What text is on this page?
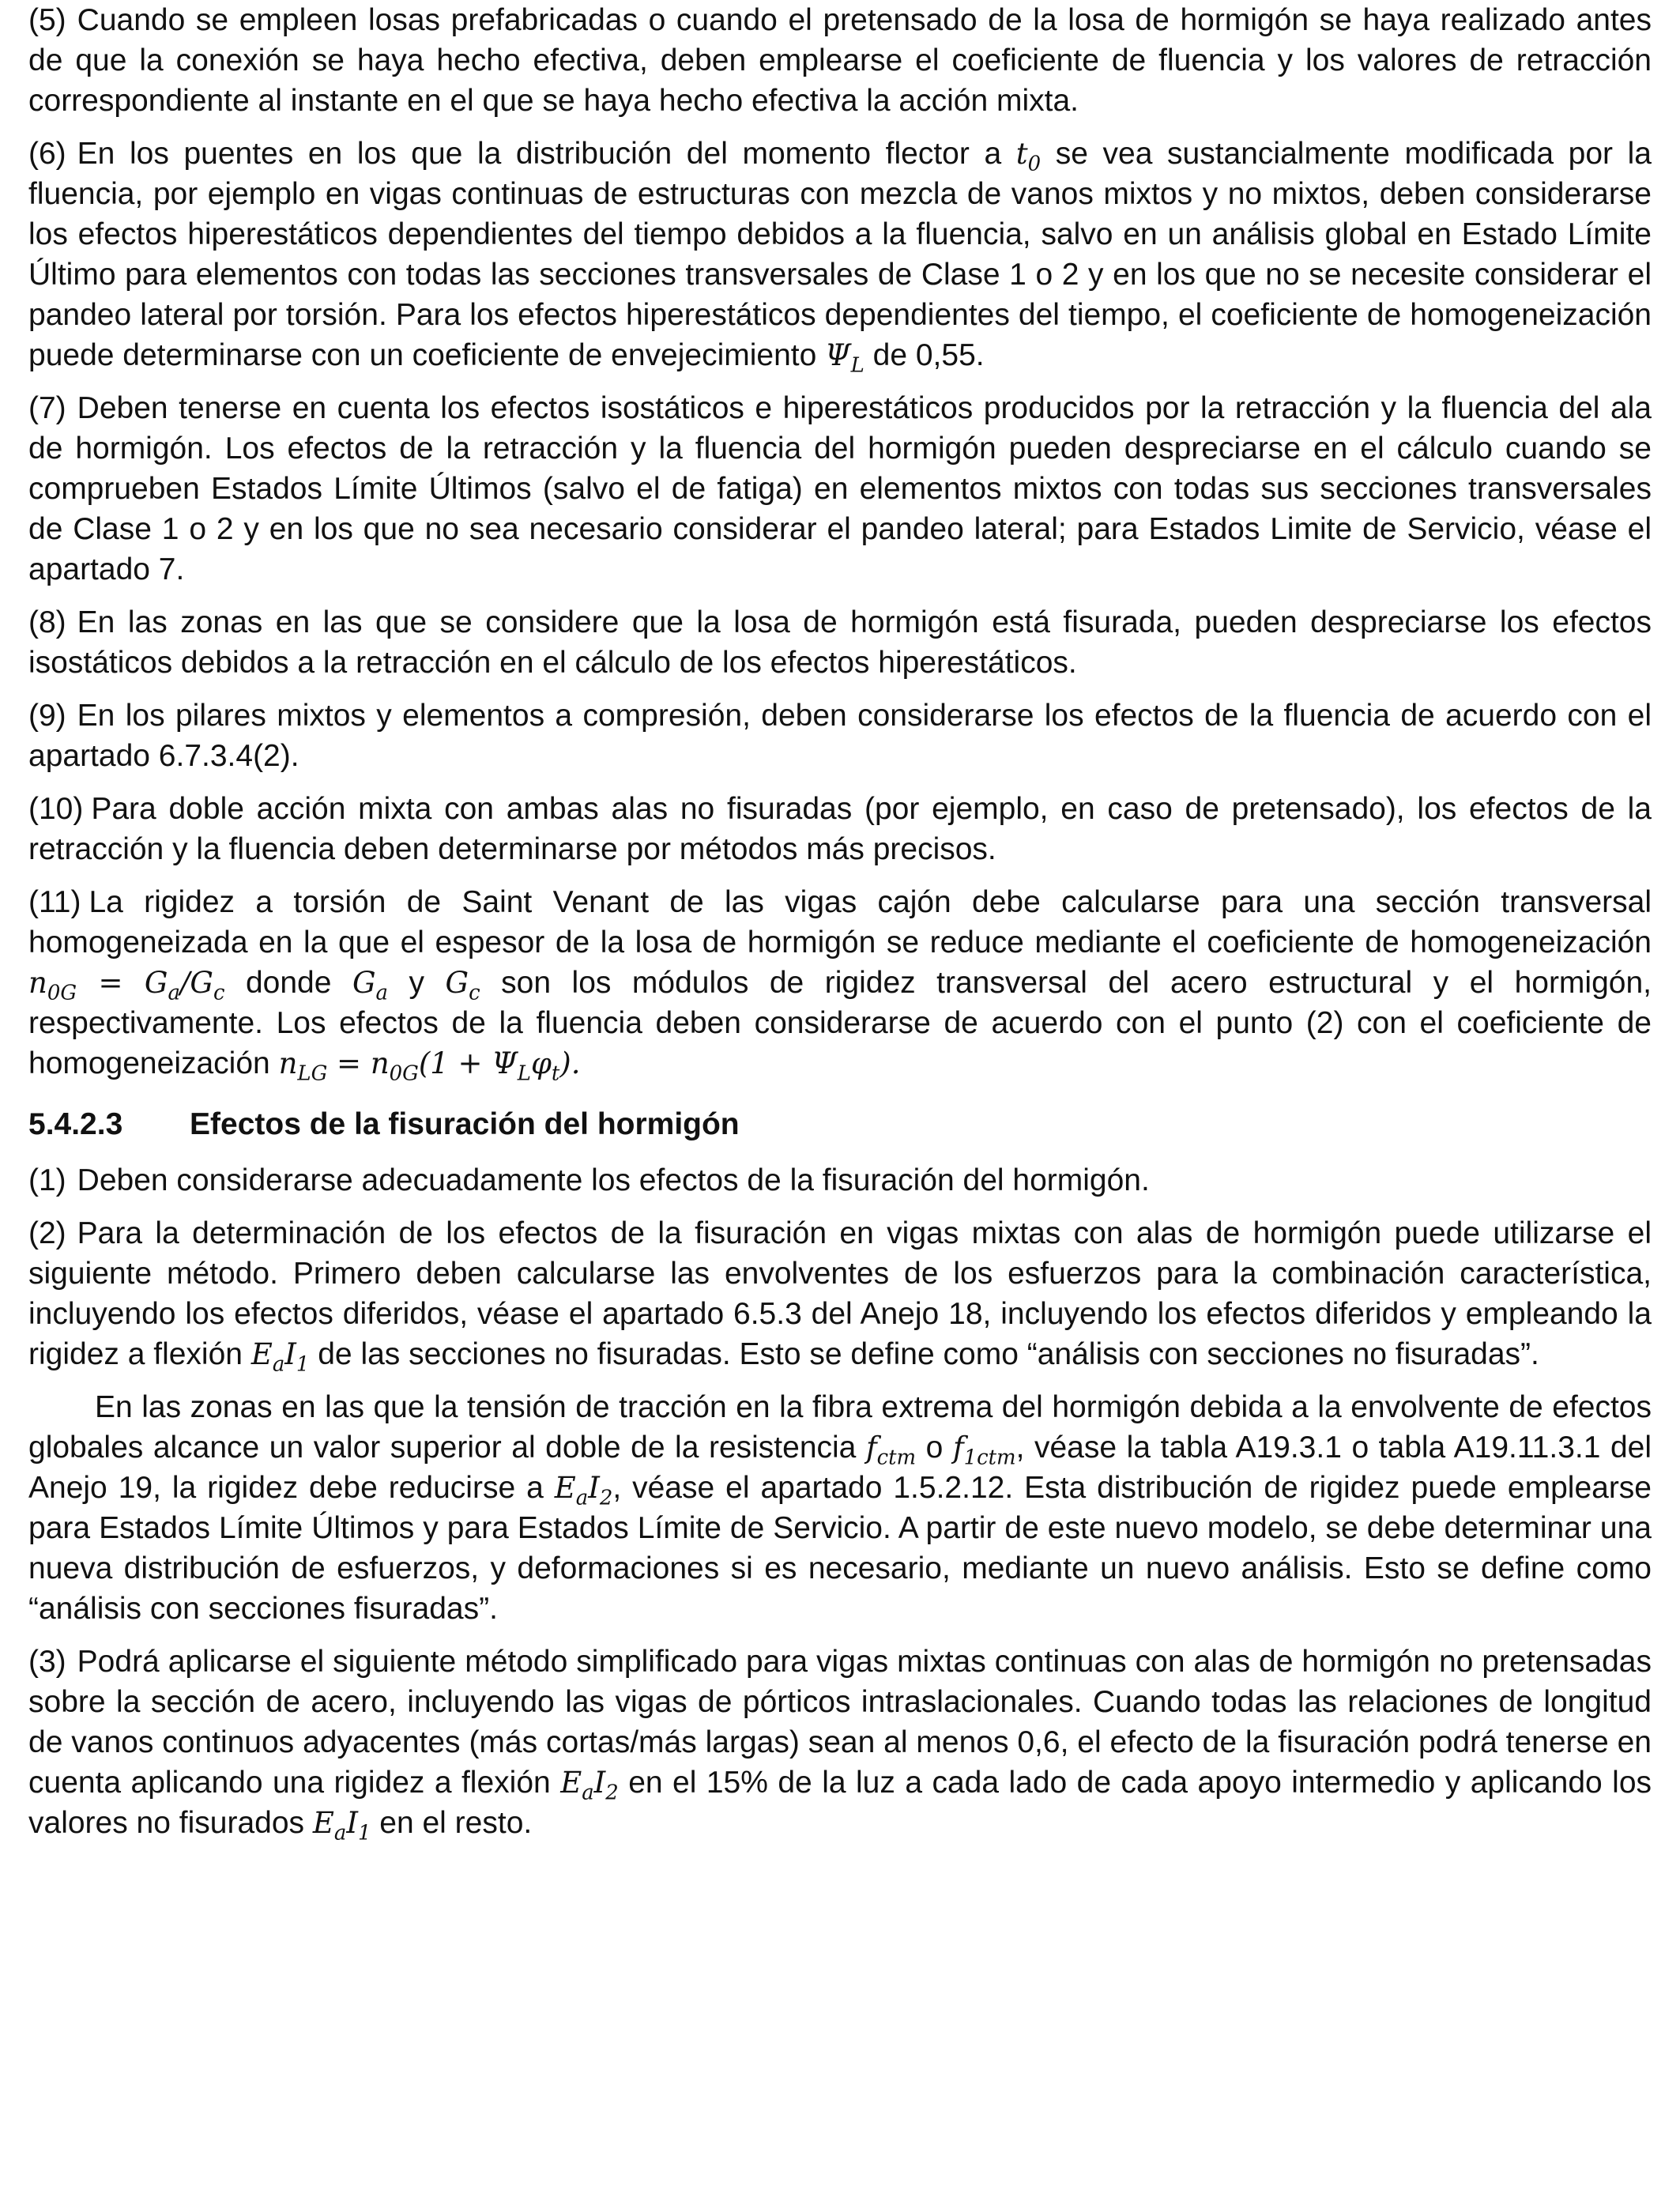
(5) Cuando se empleen losas prefabricadas o cuando el pretensado de la losa de hormigón se haya realizado antes de que la conexión se haya hecho efectiva, deben emplearse el coeficiente de fluencia y los valores de retracción correspondiente al instante en el que se haya hecho efectiva la acción mixta.

(6) En los puentes en los que la distribución del momento flector a $t_0$ se vea sustancialmente modificada por la fluencia, por ejemplo en vigas continuas de estructuras con mezcla de vanos mixtos y no mixtos, deben considerarse los efectos hiperestáticos dependientes del tiempo debidos a la fluencia, salvo en un análisis global en Estado Límite Último para elementos con todas las secciones transversales de Clase 1 o 2 y en los que no se necesite considerar el pandeo lateral por torsión. Para los efectos hiperestáticos dependientes del tiempo, el coeficiente de homogeneización puede determinarse con un coeficiente de envejecimiento $\Psi_L$ de 0,55.

(7) Deben tenerse en cuenta los efectos isostáticos e hiperestáticos producidos por la retracción y la fluencia del ala de hormigón. Los efectos de la retracción y la fluencia del hormigón pueden despreciarse en el cálculo cuando se comprueben Estados Límite Últimos (salvo el de fatiga) en elementos mixtos con todas sus secciones transversales de Clase 1 o 2 y en los que no sea necesario considerar el pandeo lateral; para Estados Limite de Servicio, véase el apartado 7.

(8) En las zonas en las que se considere que la losa de hormigón está fisurada, pueden despreciarse los efectos isostáticos debidos a la retracción en el cálculo de los efectos hiperestáticos.

(9) En los pilares mixtos y elementos a compresión, deben considerarse los efectos de la fluencia de acuerdo con el apartado 6.7.3.4(2).

(10) Para doble acción mixta con ambas alas no fisuradas (por ejemplo, en caso de pretensado), los efectos de la retracción y la fluencia deben determinarse por métodos más precisos.

(11) La rigidez a torsión de Saint Venant de las vigas cajón debe calcularse para una sección transversal homogeneizada en la que el espesor de la losa de hormigón se reduce mediante el coeficiente de homogeneización $n_{0G} = G_a/G_c$ donde $G_a$ y $G_c$ son los módulos de rigidez transversal del acero estructural y el hormigón, respectivamente. Los efectos de la fluencia deben considerarse de acuerdo con el punto (2) con el coeficiente de homogeneización $n_{LG} = n_{0G}(1 + \Psi_L\varphi_t)$.

5.4.2.3	Efectos de la fisuración del hormigón

(1) Deben considerarse adecuadamente los efectos de la fisuración del hormigón.

(2) Para la determinación de los efectos de la fisuración en vigas mixtas con alas de hormigón puede utilizarse el siguiente método. Primero deben calcularse las envolventes de los esfuerzos para la combinación característica, incluyendo los efectos diferidos, véase el apartado 6.5.3 del Anejo 18, incluyendo los efectos diferidos y empleando la rigidez a flexión $E_aI_1$ de las secciones no fisuradas. Esto se define como “análisis con secciones no fisuradas”.

En las zonas en las que la tensión de tracción en la fibra extrema del hormigón debida a la envolvente de efectos globales alcance un valor superior al doble de la resistencia $f_{ctm}$ o $f_{1ctm}$, véase la tabla A19.3.1 o tabla A19.11.3.1 del Anejo 19, la rigidez debe reducirse a $E_aI_2$, véase el apartado 1.5.2.12. Esta distribución de rigidez puede emplearse para Estados Límite Últimos y para Estados Límite de Servicio. A partir de este nuevo modelo, se debe determinar una nueva distribución de esfuerzos, y deformaciones si es necesario, mediante un nuevo análisis. Esto se define como “análisis con secciones fisuradas”.

(3) Podrá aplicarse el siguiente método simplificado para vigas mixtas continuas con alas de hormigón no pretensadas sobre la sección de acero, incluyendo las vigas de pórticos intraslacionales. Cuando todas las relaciones de longitud de vanos continuos adyacentes (más cortas/más largas) sean al menos 0,6, el efecto de la fisuración podrá tenerse en cuenta aplicando una rigidez a flexión $E_aI_2$ en el 15% de la luz a cada lado de cada apoyo intermedio y aplicando los valores no fisurados $E_aI_1$ en el resto.
